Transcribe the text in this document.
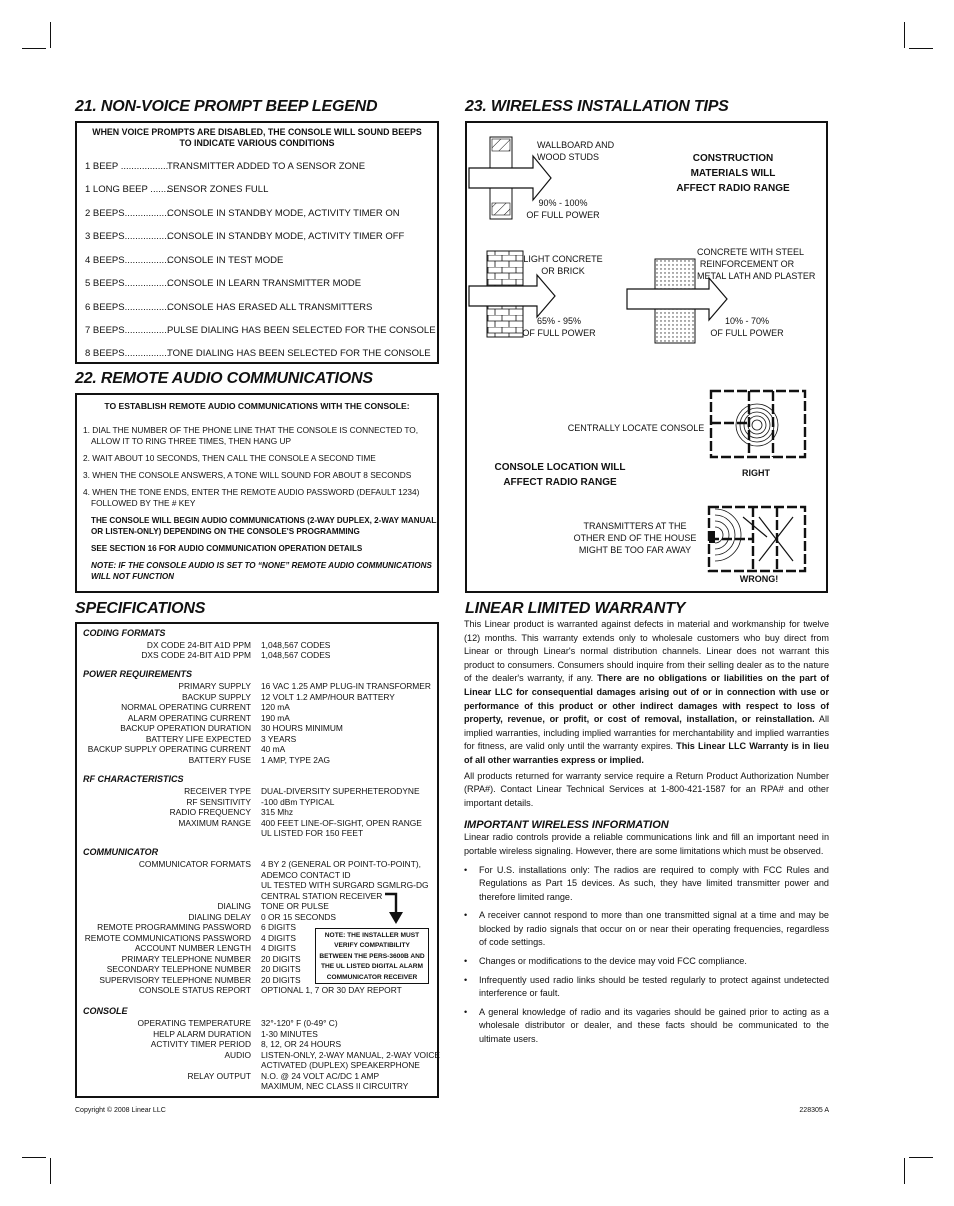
21. NON-VOICE PROMPT BEEP LEGEND
WHEN VOICE PROMPTS ARE DISABLED, THE CONSOLE WILL SOUND BEEPS
TO INDICATE VARIOUS CONDITIONS
1 BEEP ..................TRANSMITTER ADDED TO A SENSOR ZONE
1 LONG BEEP ........SENSOR ZONES FULL
2 BEEPS.................CONSOLE IN STANDBY MODE, ACTIVITY TIMER ON
3 BEEPS.................CONSOLE IN STANDBY MODE, ACTIVITY TIMER OFF
4 BEEPS.................CONSOLE IN TEST MODE
5 BEEPS.................CONSOLE IN LEARN TRANSMITTER MODE
6 BEEPS.................CONSOLE HAS ERASED ALL TRANSMITTERS
7 BEEPS.................PULSE DIALING HAS BEEN SELECTED FOR THE CONSOLE
8 BEEPS.................TONE DIALING HAS BEEN SELECTED FOR THE CONSOLE
22. REMOTE AUDIO COMMUNICATIONS
TO ESTABLISH REMOTE AUDIO COMMUNICATIONS WITH THE CONSOLE:

1. DIAL THE NUMBER OF THE PHONE LINE THAT THE CONSOLE IS CONNECTED TO,

ALLOW IT TO RING THREE TIMES, THEN HANG UP

2. WAIT ABOUT 10 SECONDS, THEN CALL THE CONSOLE A SECOND TIME

3. WHEN THE CONSOLE ANSWERS, A TONE WILL SOUND FOR ABOUT 8 SECONDS

4. WHEN THE TONE ENDS, ENTER THE REMOTE AUDIO PASSWORD (DEFAULT 1234)

FOLLOWED BY THE # KEY

THE CONSOLE WILL BEGIN AUDIO COMMUNICATIONS (2-WAY DUPLEX, 2-WAY MANUAL,

OR LISTEN-ONLY) DEPENDING ON THE CONSOLE'S PROGRAMMING

SEE SECTION 16 FOR AUDIO COMMUNICATION OPERATION DETAILS

NOTE: IF THE CONSOLE AUDIO IS SET TO “NONE” REMOTE AUDIO COMMUNICATIONS

WILL NOT FUNCTION

SPECIFICATIONS
CODING FORMATS
DX CODE 24-BIT A1D PPM 1,048,567 CODES
DXS CODE 24-BIT A1D PPM 1,048,567 CODES
POWER REQUIREMENTS
PRIMARY SUPPLY 16 VAC 1.25 AMP PLUG-IN TRANSFORMER
BACKUP SUPPLY 12 VOLT 1.2 AMP/HOUR BATTERY
NORMAL OPERATING CURRENT 120 mA
ALARM OPERATING CURRENT 190 mA
BACKUP OPERATION DURATION 30 HOURS MINIMUM
BATTERY LIFE EXPECTED 3 YEARS
BACKUP SUPPLY OPERATING CURRENT 40 mA
BATTERY FUSE 1 AMP, TYPE 2AG
RF CHARACTERISTICS
RECEIVER TYPE DUAL-DIVERSITY SUPERHETERODYNE
RF SENSITIVITY -100 dBm TYPICAL
RADIO FREQUENCY 315 Mhz
MAXIMUM RANGE 400 FEET LINE-OF-SIGHT, OPEN RANGE
UL LISTED FOR 150 FEET
COMMUNICATOR
COMMUNICATOR FORMATS 4 BY 2 (GENERAL OR POINT-TO-POINT),
ADEMCO CONTACT ID
UL TESTED WITH SURGARD SGMLRG-DG
CENTRAL STATION RECEIVER
DIALING TONE OR PULSE
DIALING DELAY 0 OR 15 SECONDS
REMOTE PROGRAMMING PASSWORD 6 DIGITS
REMOTE COMMUNICATIONS PASSWORD 4 DIGITS
ACCOUNT NUMBER LENGTH 4 DIGITS
PRIMARY TELEPHONE NUMBER 20 DIGITS
SECONDARY TELEPHONE NUMBER 20 DIGITS
SUPERVISORY TELEPHONE NUMBER 20 DIGITS
CONSOLE STATUS REPORT OPTIONAL 1, 7 OR 30 DAY REPORT
NOTE: THE INSTALLER MUST
VERIFY COMPATIBILITY
BETWEEN THE PERS-3600B AND
THE UL LISTED DIGITAL ALARM
COMMUNICATOR RECEIVER
CONSOLE
OPERATING TEMPERATURE 32°-120° F (0-49° C)
HELP ALARM DURATION 1-30 MINUTES
ACTIVITY TIMER PERIOD 8, 12, OR 24 HOURS
AUDIO LISTEN-ONLY, 2-WAY MANUAL, 2-WAY VOICE
ACTIVATED (DUPLEX) SPEAKERPHONE
RELAY OUTPUT N.O. @ 24 VOLT AC/DC 1 AMP
MAXIMUM, NEC CLASS II CIRCUITRY
23. WIRELESS INSTALLATION TIPS
WALLBOARD AND
WOOD STUDS
90% - 100%
OF FULL POWER
CONSTRUCTION
MATERIALS WILL
AFFECT RADIO RANGE
LIGHT CONCRETE
OR BRICK
65% - 95%
OF FULL POWER
CONCRETE WITH STEEL
REINFORCEMENT OR
METAL LATH AND PLASTER
10% - 70%
OF FULL POWER
CENTRALLY LOCATE CONSOLE
CONSOLE LOCATION WILL
AFFECT RADIO RANGE
RIGHT
TRANSMITTERS AT THE
OTHER END OF THE HOUSE
MIGHT BE TOO FAR AWAY
WRONG!
LINEAR LIMITED WARRANTY

This Linear product is warranted against defects in material and workmanship for twelve (12) months. This warranty extends only to wholesale customers who buy direct from Linear or through Linear's normal distribution channels. Linear does not warrant this product to consumers. Consumers should inquire from their selling dealer as to the nature of the dealer's warranty, if any. There are no obligations or liabilities on the part of Linear LLC for consequential damages arising out of or in connection with use or performance of this product or other indirect damages with respect to loss of property, revenue, or profit, or cost of removal, installation, or reinstallation. All implied warranties, including implied warranties for merchantability and implied warranties for fitness, are valid only until the warranty expires. This Linear LLC Warranty is in lieu of all other warranties express or implied.

All products returned for warranty service require a Return Product Authorization Number (RPA#). Contact Linear Technical Services at 1-800-421-1587 for an RPA# and other important details.

IMPORTANT WIRELESS INFORMATION

Linear radio controls provide a reliable communications link and fill an important need in portable wireless signaling. However, there are some limitations which must be observed.

• For U.S. installations only: The radios are required to comply with FCC Rules and Regulations as Part 15 devices. As such, they have limited transmitter power and therefore limited range.

• A receiver cannot respond to more than one transmitted signal at a time and may be blocked by radio signals that occur on or near their operating frequencies, regardless of code settings.

• Changes or modifications to the device may void FCC compliance.

• Infrequently used radio links should be tested regularly to protect against undetected interference or fault.

• A general knowledge of radio and its vagaries should be gained prior to acting as a wholesale distributor or dealer, and these facts should be communicated to the ultimate users.

Copyright © 2008 Linear LLC	228305 A
